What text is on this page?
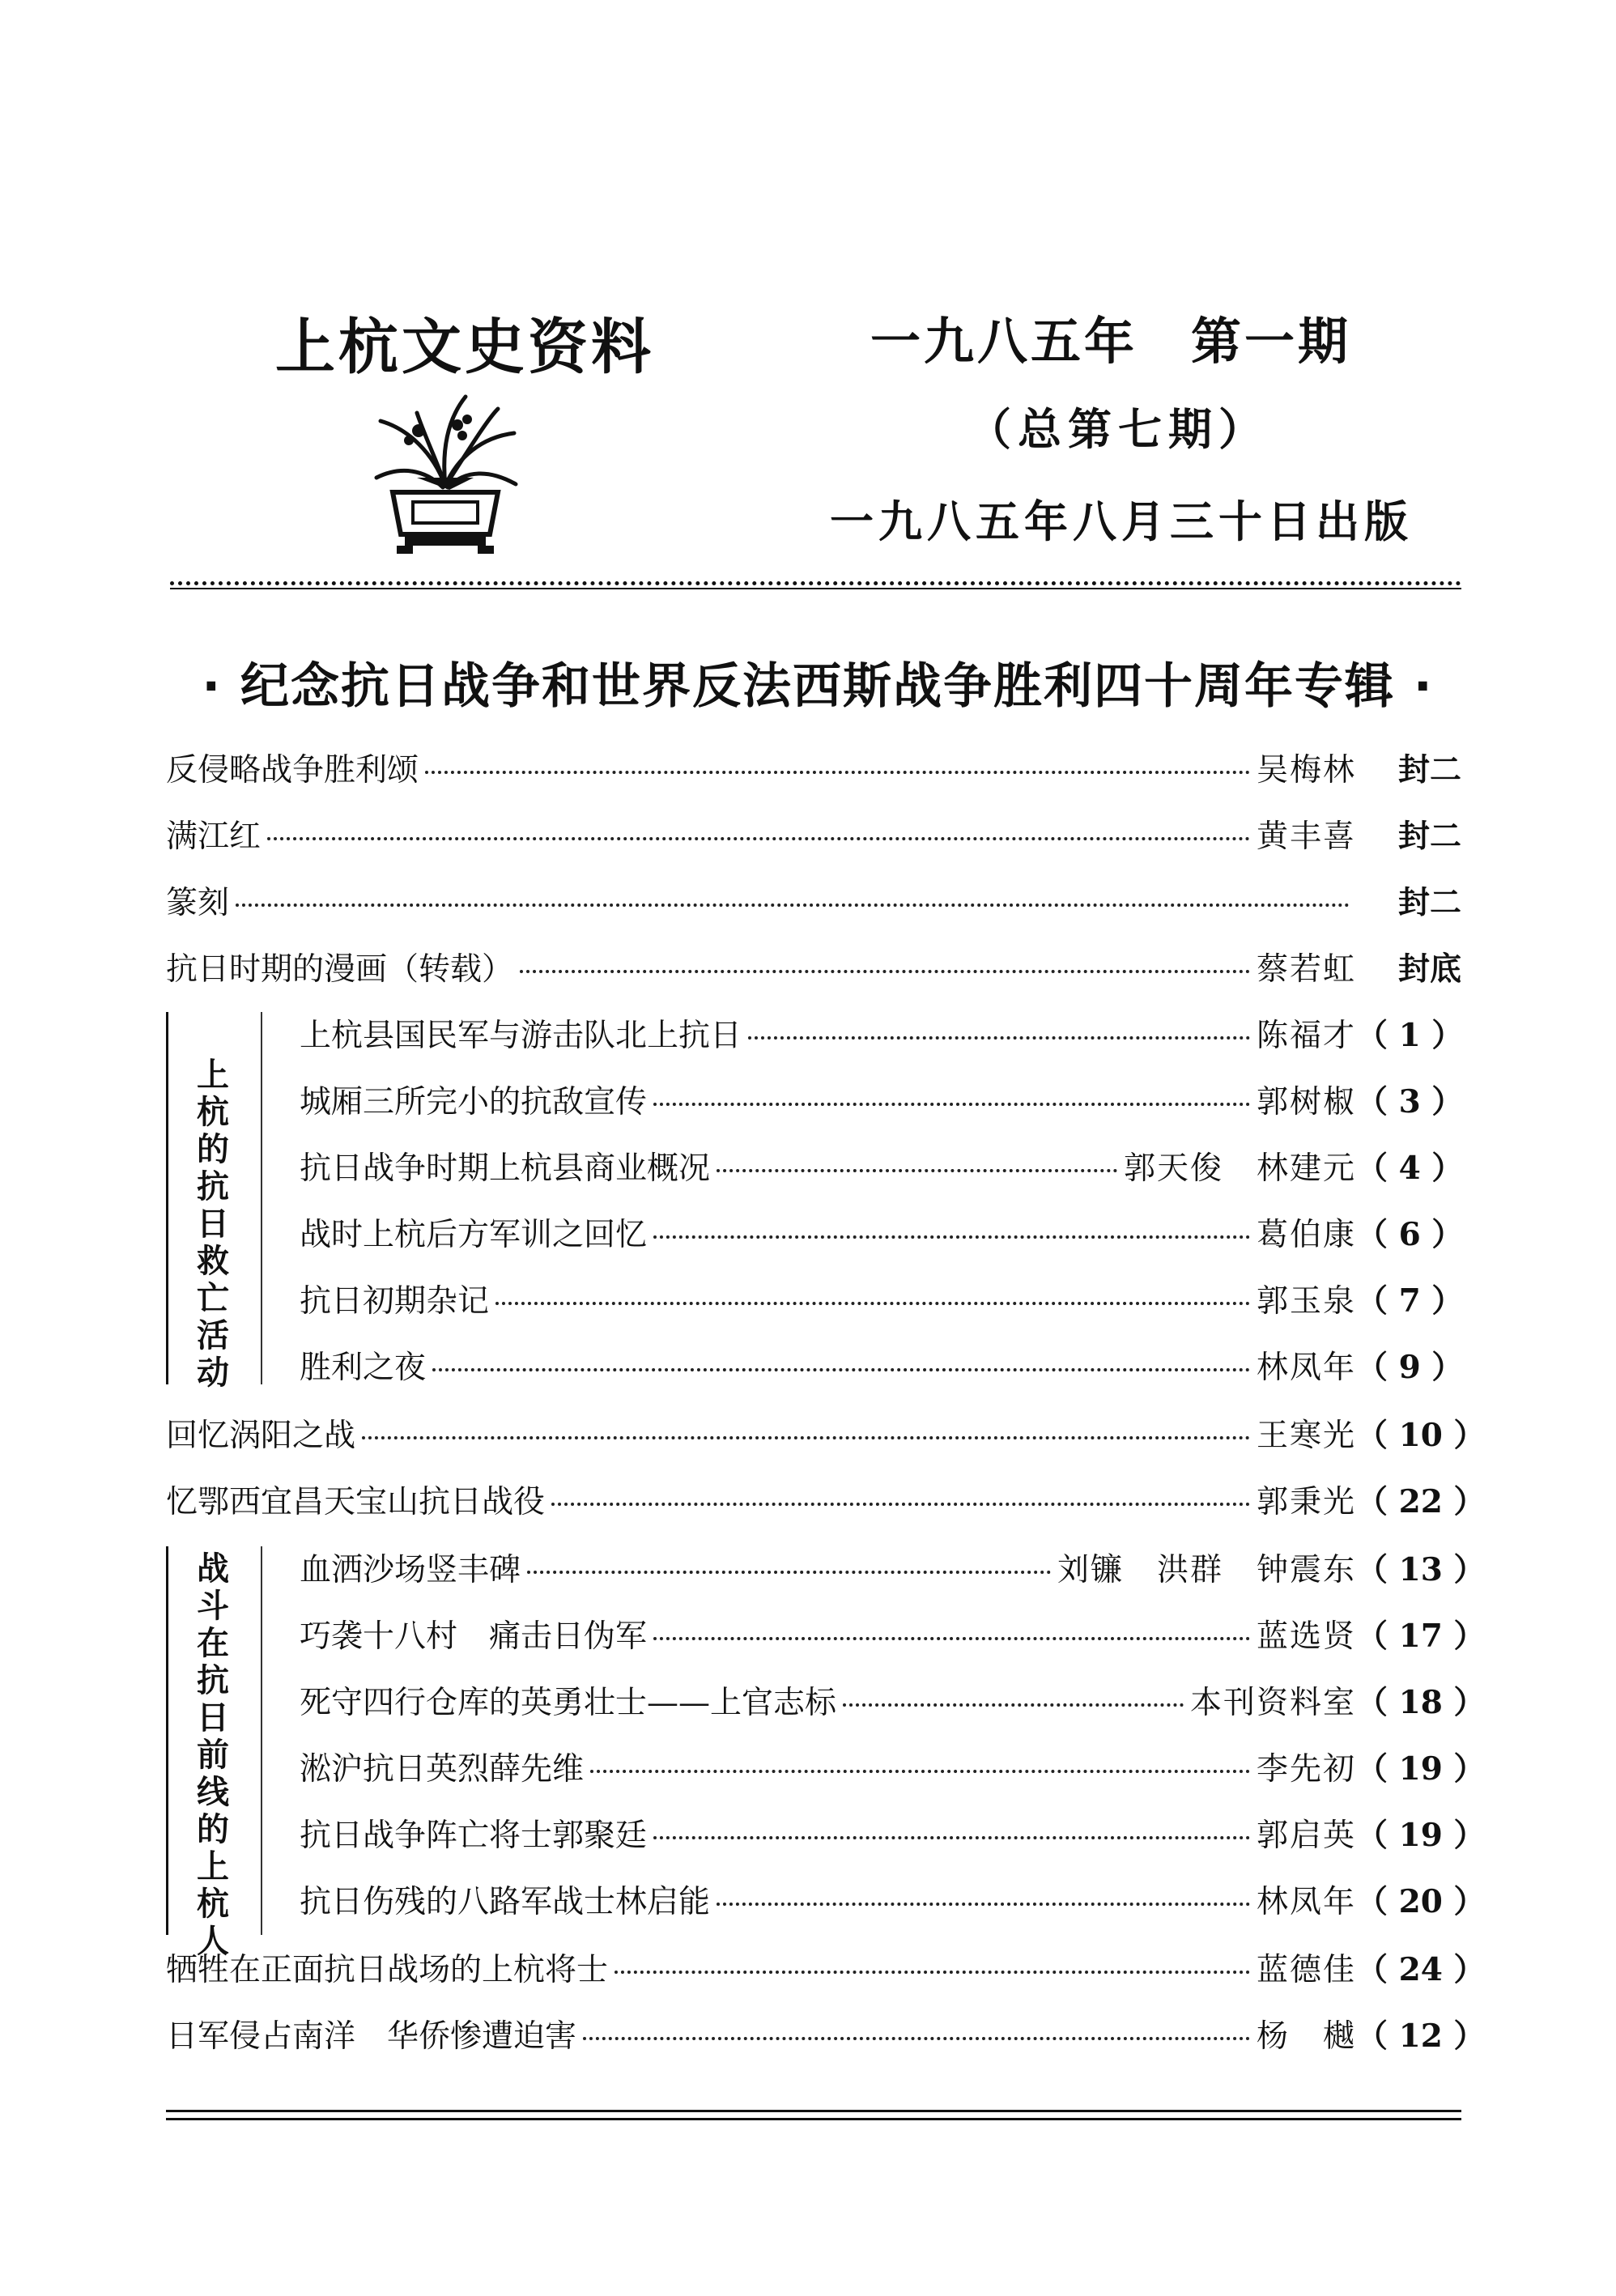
上杭文史资料	一九八五年　第一期
（总第七期）
一九八五年八月三十日出版
· 纪念抗日战争和世界反法西斯战争胜利四十周年专辑 ·
反侵略战争胜利颂	吴梅林	封二
满江红	黄丰喜	封二
篆刻	封二
抗日时期的漫画（转载）	蔡若虹	封底
上杭的抗日救亡活动
上杭县国民军与游击队北上抗日	陈福才 （ 1 ）
城厢三所完小的抗敌宣传	郭树椒 （ 3 ）
抗日战争时期上杭县商业概况	郭天俊　林建元 （ 4 ）
战时上杭后方军训之回忆	葛伯康 （ 6 ）
抗日初期杂记	郭玉泉 （ 7 ）
胜利之夜	林凤年 （ 9 ）
回忆涡阳之战	王寒光 （ 10 ）
忆鄂西宜昌天宝山抗日战役	郭秉光 （ 22 ）
战斗在抗日前线的上杭人
血洒沙场竖丰碑	刘镰　洪群　钟震东 （ 13 ）
巧袭十八村　痛击日伪军	蓝选贤 （ 17 ）
死守四行仓库的英勇壮士——上官志标	本刊资料室 （ 18 ）
淞沪抗日英烈薛先维	李先初 （ 19 ）
抗日战争阵亡将士郭聚廷	郭启英 （ 19 ）
抗日伤残的八路军战士林启能	林凤年 （ 20 ）
牺牲在正面抗日战场的上杭将士	蓝德佳 （ 24 ）
日军侵占南洋　华侨惨遭迫害	杨　樾 （ 12 ）
